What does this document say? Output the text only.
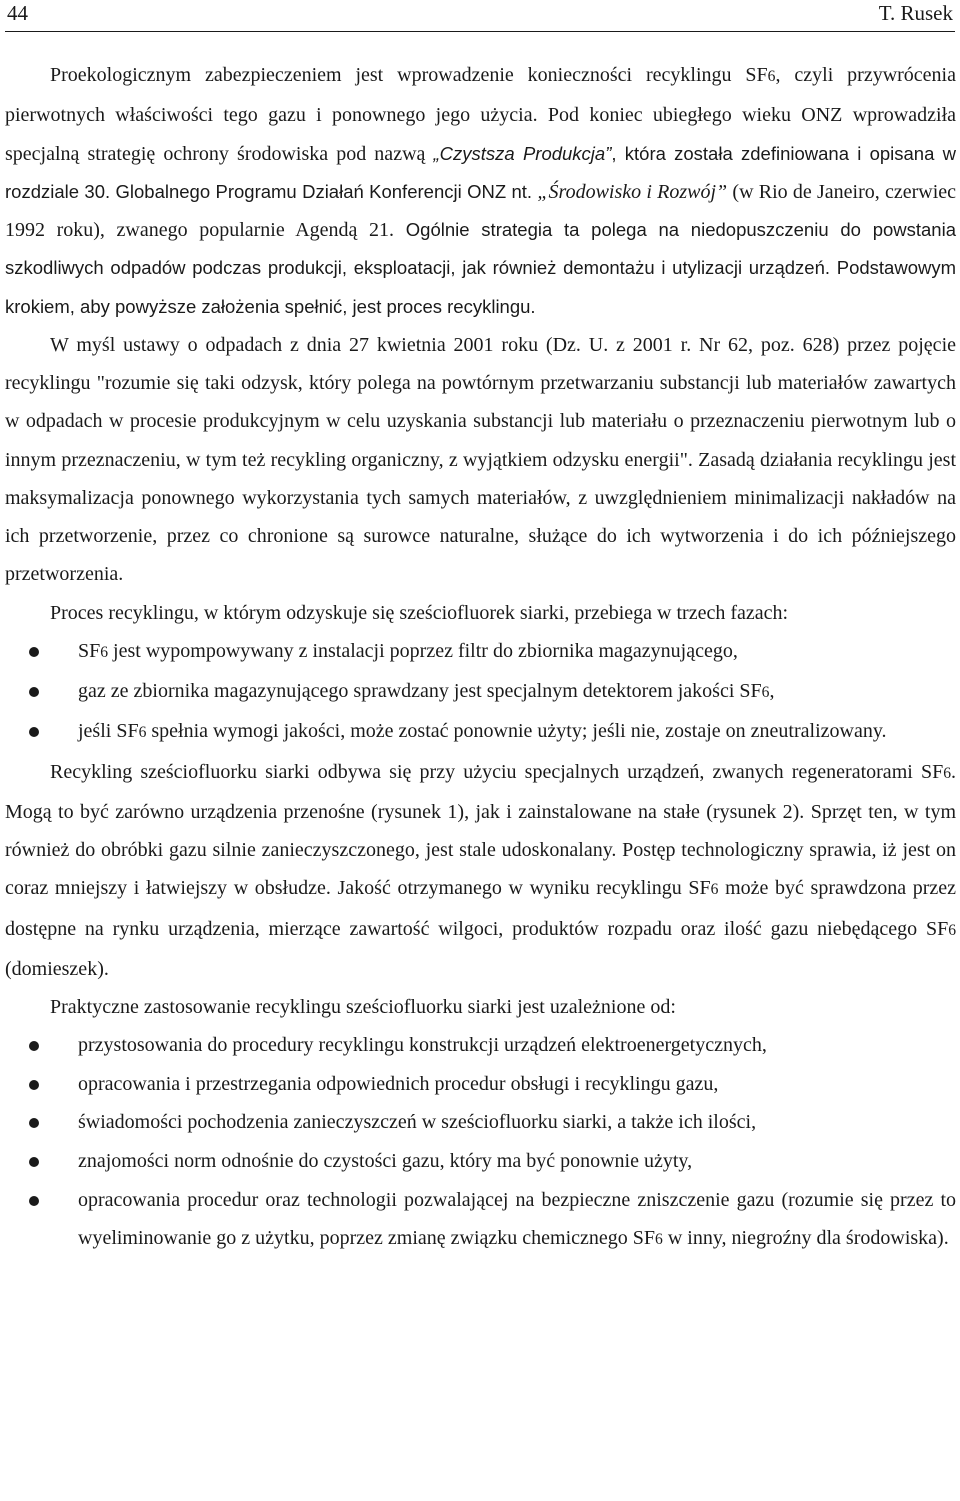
44	T. Rusek

Proekologicznym zabezpieczeniem jest wprowadzenie konieczności recyklingu SF6, czyli przywrócenia pierwotnych właściwości tego gazu i ponownego jego użycia. Pod koniec ubiegłego wieku ONZ wprowadziła specjalną strategię ochrony środowiska pod nazwą „Czystsza Produkcja”, która została zdefiniowana i opisana w rozdziale 30. Globalnego Programu Działań Konferencji ONZ nt. „Środowisko i Rozwój” (w Rio de Janeiro, czerwiec 1992 roku), zwanego popularnie Agendą 21. Ogólnie strategia ta polega na niedopuszczeniu do powstania szkodliwych odpadów podczas produkcji, eksploatacji, jak również demontażu i utylizacji urządzeń. Podstawowym krokiem, aby powyższe założenia spełnić, jest proces recyklingu.

W myśl ustawy o odpadach z dnia 27 kwietnia 2001 roku (Dz. U. z 2001 r. Nr 62, poz. 628) przez pojęcie recyklingu "rozumie się taki odzysk, który polega na powtórnym przetwarzaniu substancji lub materiałów zawartych w odpadach w procesie produkcyjnym w celu uzyskania substancji lub materiału o przeznaczeniu pierwotnym lub o innym przeznaczeniu, w tym też recykling organiczny, z wyjątkiem odzysku energii". Zasadą działania recyklingu jest maksymalizacja ponownego wykorzystania tych samych materiałów, z uwzględnieniem minimalizacji nakładów na ich przetworzenie, przez co chronione są surowce naturalne, służące do ich wytworzenia i do ich późniejszego przetworzenia.

Proces recyklingu, w którym odzyskuje się sześciofluorek siarki, przebiega w trzech fazach:

SF6 jest wypompowywany z instalacji poprzez filtr do zbiornika magazynującego,
gaz ze zbiornika magazynującego sprawdzany jest specjalnym detektorem jakości SF6,
jeśli SF6 spełnia wymogi jakości, może zostać ponownie użyty; jeśli nie, zostaje on zneutralizowany.

Recykling sześciofluorku siarki odbywa się przy użyciu specjalnych urządzeń, zwanych regeneratorami SF6. Mogą to być zarówno urządzenia przenośne (rysunek 1), jak i zainstalowane na stałe (rysunek 2). Sprzęt ten, w tym również do obróbki gazu silnie zanieczyszczonego, jest stale udoskonalany. Postęp technologiczny sprawia, iż jest on coraz mniejszy i łatwiejszy w obsłudze. Jakość otrzymanego w wyniku recyklingu SF6 może być sprawdzona przez dostępne na rynku urządzenia, mierzące zawartość wilgoci, produktów rozpadu oraz ilość gazu niebędącego SF6 (domieszek).

Praktyczne zastosowanie recyklingu sześciofluorku siarki jest uzależnione od:

przystosowania do procedury recyklingu konstrukcji urządzeń elektroenergetycznych,
opracowania i przestrzegania odpowiednich procedur obsługi i recyklingu gazu,
świadomości pochodzenia zanieczyszczeń w sześciofluorku siarki, a także ich ilości,
znajomości norm odnośnie do czystości gazu, który ma być ponownie użyty,
opracowania procedur oraz technologii pozwalającej na bezpieczne zniszczenie gazu (rozumie się przez to wyeliminowanie go z użytku, poprzez zmianę związku chemicznego SF6 w inny, niegroźny dla środowiska).
